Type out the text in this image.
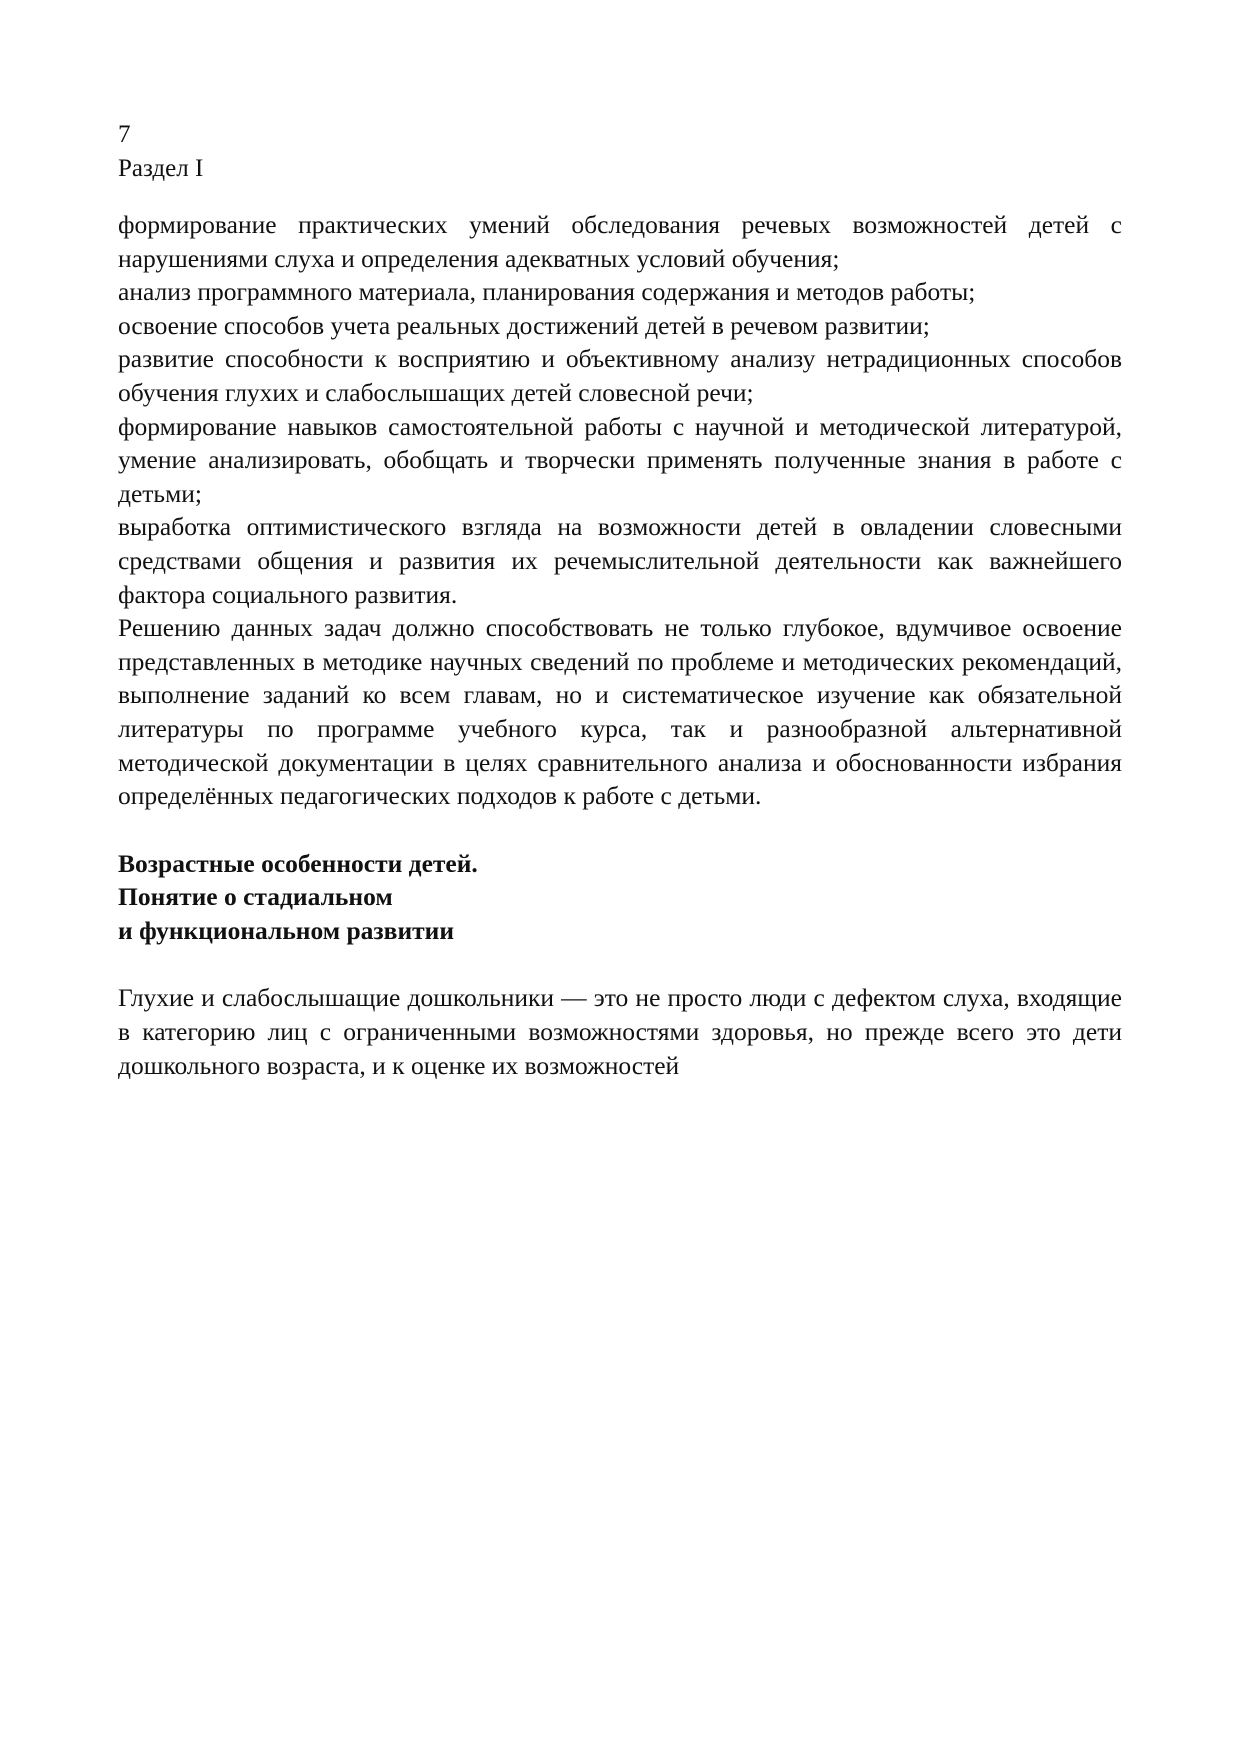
7
Раздел I

формирование практических умений обследования речевых возможностей детей с нарушениями слуха и определения адекватных условий обучения;

анализ программного материала, планирования содержания и методов работы;

освоение способов учета реальных достижений детей в речевом развитии;

развитие способности к восприятию и объективному анализу нетрадиционных способов обучения глухих и слабослышащих детей словесной речи;

формирование навыков самостоятельной работы с научной и методической литературой, умение анализировать, обобщать и творчески применять полученные знания в работе с детьми;

выработка оптимистического взгляда на возможности детей в овладении словесными средствами общения и развития их речемыслительной деятельности как важнейшего фактора социального развития.

Решению данных задач должно способствовать не только глубокое, вдумчивое освоение представленных в методике научных сведений по проблеме и методических рекомендаций, выполнение заданий ко всем главам, но и систематическое изучение как обязательной литературы по программе учебного курса, так и разнообразной альтернативной методической документации в целях сравнительного анализа и обоснованности избрания определённых педагогических подходов к работе с детьми.

Возрастные особенности детей.
Понятие о стадиальном
и функциональном развитии

Глухие и слабослышащие дошкольники — это не просто люди с дефектом слуха, входящие в категорию лиц с ограниченными возможностями здоровья, но прежде всего это дети дошкольного возраста, и к оценке их возможностей
